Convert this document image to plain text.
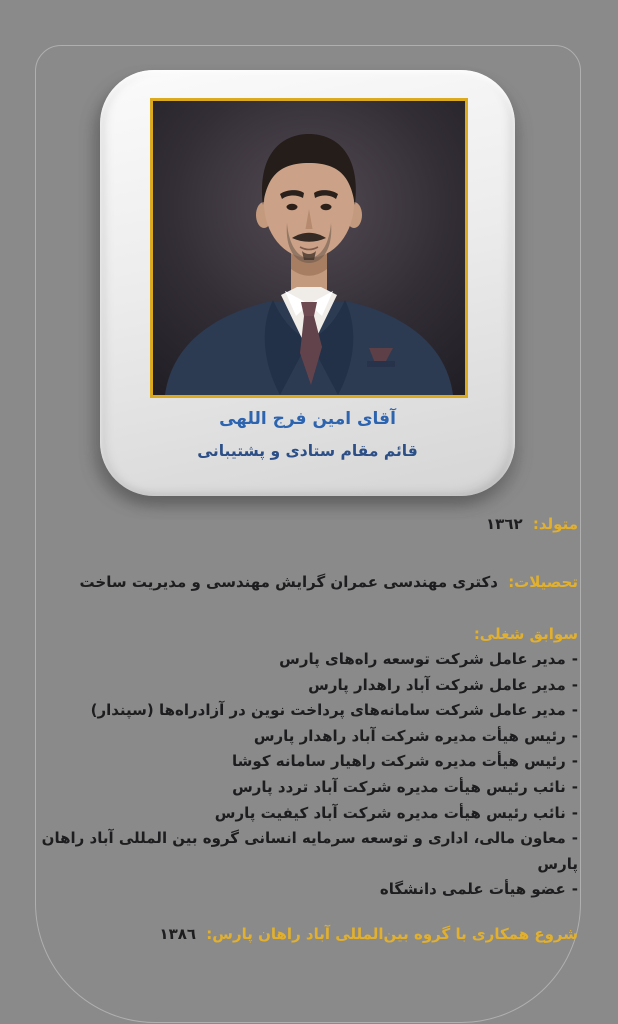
آقای امین فرج اللهی
قائم مقام ستادی و پشتیبانی
متولد: ١٣٦٢
تحصیلات: دکتری مهندسی عمران گرایش مهندسی و مدیریت ساخت
سوابق شغلی:
-مدیر عامل شرکت توسعه راه‌های پارس
-مدیر عامل شرکت آباد راهدار پارس
-مدیر عامل شرکت سامانه‌های پرداخت نوین در آزادراه‌ها (سپندار)
-رئیس هیأت مدیره شرکت آباد راهدار پارس
-رئیس هیأت مدیره شرکت راهیار سامانه کوشا
-نائب رئیس هیأت مدیره شرکت آباد تردد پارس
-نائب رئیس هیأت مدیره شرکت آباد کیفیت پارس
-معاون مالی، اداری و توسعه سرمایه انسانی گروه بین المللی آباد راهان پارس
-عضو هیأت علمی دانشگاه
شروع همکاری با گروه بین‌المللی آباد راهان پارس: ١٣٨٦
